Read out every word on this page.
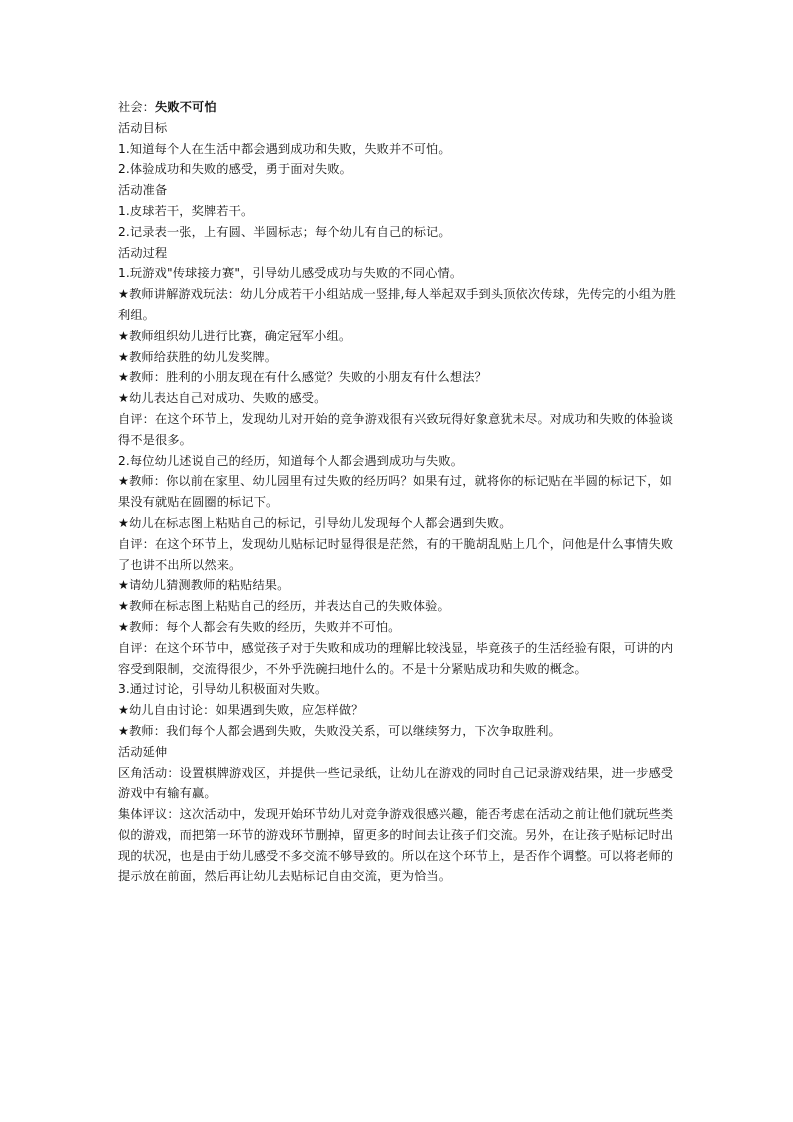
社会：失败不可怕
活动目标
1.知道每个人在生活中都会遇到成功和失败，失败并不可怕。
2.体验成功和失败的感受，勇于面对失败。
活动准备
1.皮球若干，奖牌若干。
2.记录表一张，上有圆、半圆标志；每个幼儿有自己的标记。
活动过程
1.玩游戏"传球接力赛"，引导幼儿感受成功与失败的不同心情。
★教师讲解游戏玩法：幼儿分成若干小组站成一竖排,每人举起双手到头顶依次传球，先传完的小组为胜利组。
★教师组织幼儿进行比赛，确定冠军小组。
★教师给获胜的幼儿发奖牌。
★教师：胜利的小朋友现在有什么感觉？失败的小朋友有什么想法？
★幼儿表达自己对成功、失败的感受。
自评：在这个环节上，发现幼儿对开始的竞争游戏很有兴致玩得好象意犹未尽。对成功和失败的体验谈得不是很多。
2.每位幼儿述说自己的经历，知道每个人都会遇到成功与失败。
★教师：你以前在家里、幼儿园里有过失败的经历吗？如果有过，就将你的标记贴在半圆的标记下，如果没有就贴在圆圈的标记下。
★幼儿在标志图上粘贴自己的标记，引导幼儿发现每个人都会遇到失败。
自评：在这个环节上，发现幼儿贴标记时显得很是茫然，有的干脆胡乱贴上几个，问他是什么事情失败了也讲不出所以然来。
★请幼儿猜测教师的粘贴结果。
★教师在标志图上粘贴自己的经历，并表达自己的失败体验。
★教师：每个人都会有失败的经历，失败并不可怕。
自评：在这个环节中，感觉孩子对于失败和成功的理解比较浅显，毕竟孩子的生活经验有限，可讲的内容受到限制，交流得很少，不外乎洗碗扫地什么的。不是十分紧贴成功和失败的概念。
3.通过讨论，引导幼儿积极面对失败。
★幼儿自由讨论：如果遇到失败，应怎样做？
★教师：我们每个人都会遇到失败，失败没关系，可以继续努力，下次争取胜利。
活动延伸
区角活动：设置棋牌游戏区，并提供一些记录纸，让幼儿在游戏的同时自己记录游戏结果，进一步感受游戏中有输有赢。
集体评议：这次活动中，发现开始环节幼儿对竞争游戏很感兴趣，能否考虑在活动之前让他们就玩些类似的游戏，而把第一环节的游戏环节删掉，留更多的时间去让孩子们交流。另外，在让孩子贴标记时出现的状况，也是由于幼儿感受不多交流不够导致的。所以在这个环节上，是否作个调整。可以将老师的提示放在前面，然后再让幼儿去贴标记自由交流，更为恰当。
